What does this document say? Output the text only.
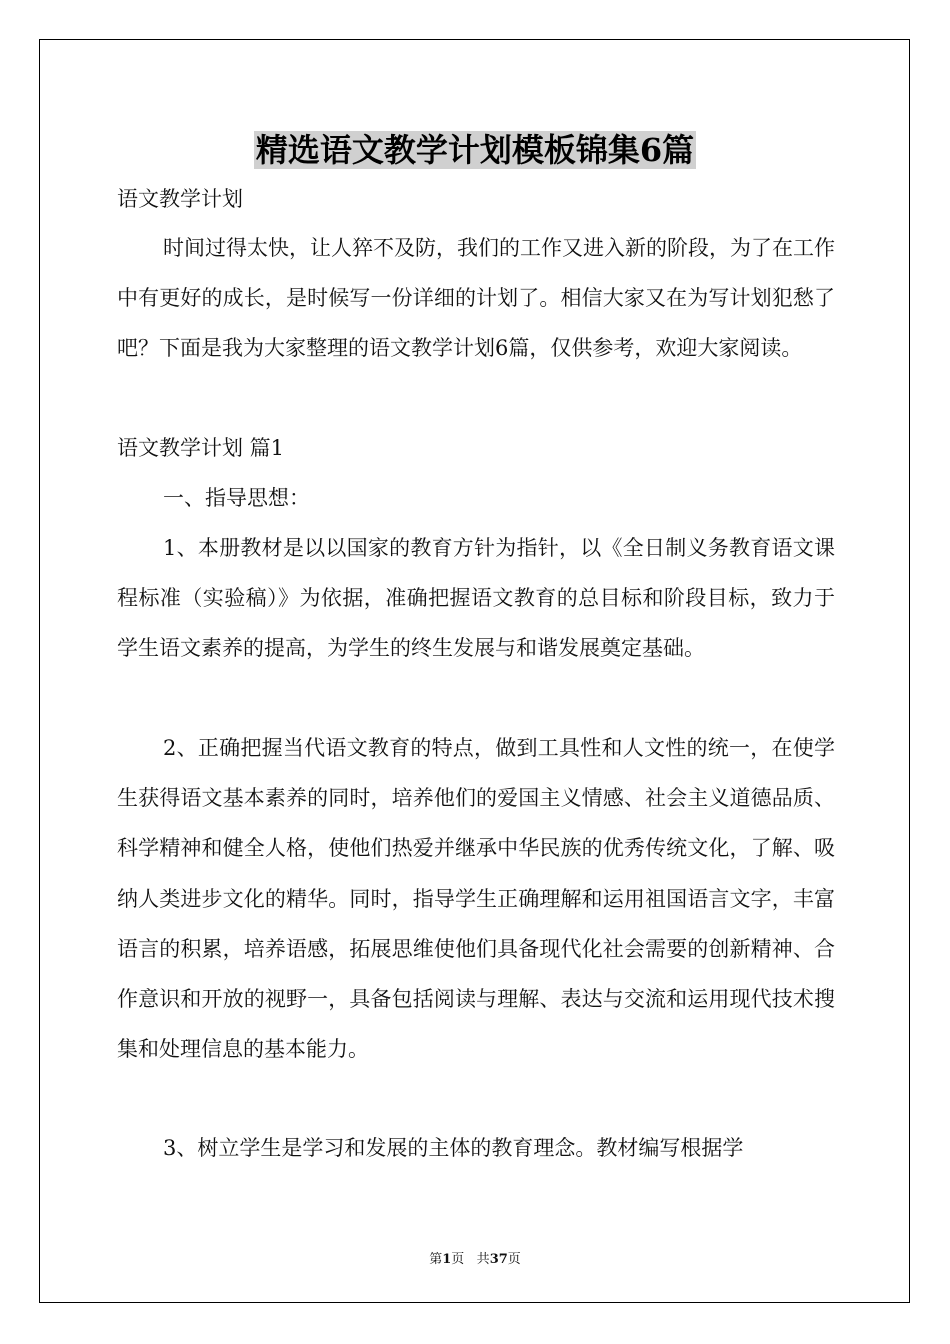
精选语文教学计划模板锦集6篇
语文教学计划

时间过得太快，让人猝不及防，我们的工作又进入新的阶段，为了在工作中有更好的成长，是时候写一份详细的计划了。相信大家又在为写计划犯愁了吧？下面是我为大家整理的语文教学计划6篇，仅供参考，欢迎大家阅读。

语文教学计划 篇1
一、指导思想：

1、本册教材是以以国家的教育方针为指针，以《全日制义务教育语文课程标准（实验稿）》为依据，准确把握语文教育的总目标和阶段目标，致力于学生语文素养的提高，为学生的终生发展与和谐发展奠定基础。

2、正确把握当代语文教育的特点，做到工具性和人文性的统一，在使学生获得语文基本素养的同时，培养他们的爱国主义情感、社会主义道德品质、科学精神和健全人格，使他们热爱并继承中华民族的优秀传统文化，了解、吸纳人类进步文化的精华。同时，指导学生正确理解和运用祖国语言文字，丰富语言的积累，培养语感，拓展思维使他们具备现代化社会需要的创新精神、合作意识和开放的视野一，具备包括阅读与理解、表达与交流和运用现代技术搜集和处理信息的基本能力。

3、树立学生是学习和发展的主体的教育理念。教材编写根据学

第1页 共37页
